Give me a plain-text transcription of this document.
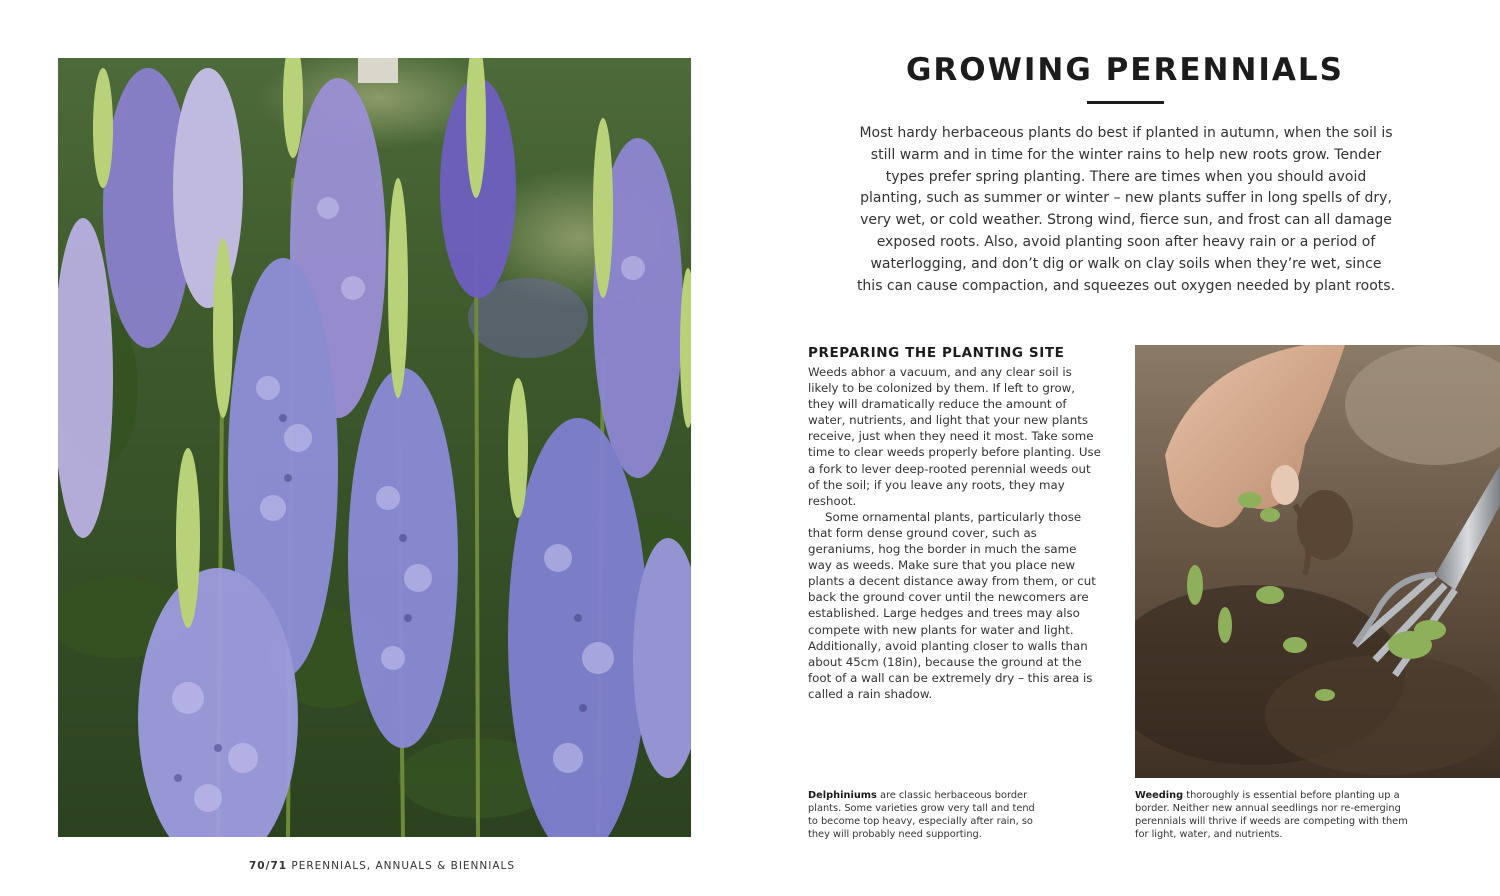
GROWING PERENNIALS

Most hardy herbaceous plants do best if planted in autumn, when the soil is still warm and in time for the winter rains to help new roots grow. Tender types prefer spring planting. There are times when you should avoid planting, such as summer or winter – new plants suffer in long spells of dry, very wet, or cold weather. Strong wind, fierce sun, and frost can all damage exposed roots. Also, avoid planting soon after heavy rain or a period of waterlogging, and don’t dig or walk on clay soils when they’re wet, since this can cause compaction, and squeezes out oxygen needed by plant roots.

PREPARING THE PLANTING SITE

Weeds abhor a vacuum, and any clear soil is likely to be colonized by them. If left to grow, they will dramatically reduce the amount of water, nutrients, and light that your new plants receive, just when they need it most. Take some time to clear weeds properly before planting. Use a fork to lever deep-rooted perennial weeds out of the soil; if you leave any roots, they may reshoot.

Some ornamental plants, particularly those that form dense ground cover, such as geraniums, hog the border in much the same way as weeds. Make sure that you place new plants a decent distance away from them, or cut back the ground cover until the newcomers are established. Large hedges and trees may also compete with new plants for water and light. Additionally, avoid planting closer to walls than about 45cm (18in), because the ground at the foot of a wall can be extremely dry – this area is called a rain shadow.

Delphiniums are classic herbaceous border plants. Some varieties grow very tall and tend to become top heavy, especially after rain, so they will probably need supporting.
Weeding thoroughly is essential before planting up a border. Neither new annual seedlings nor re-emerging perennials will thrive if weeds are competing with them for light, water, and nutrients.
70/71 PERENNIALS, ANNUALS & BIENNIALS
